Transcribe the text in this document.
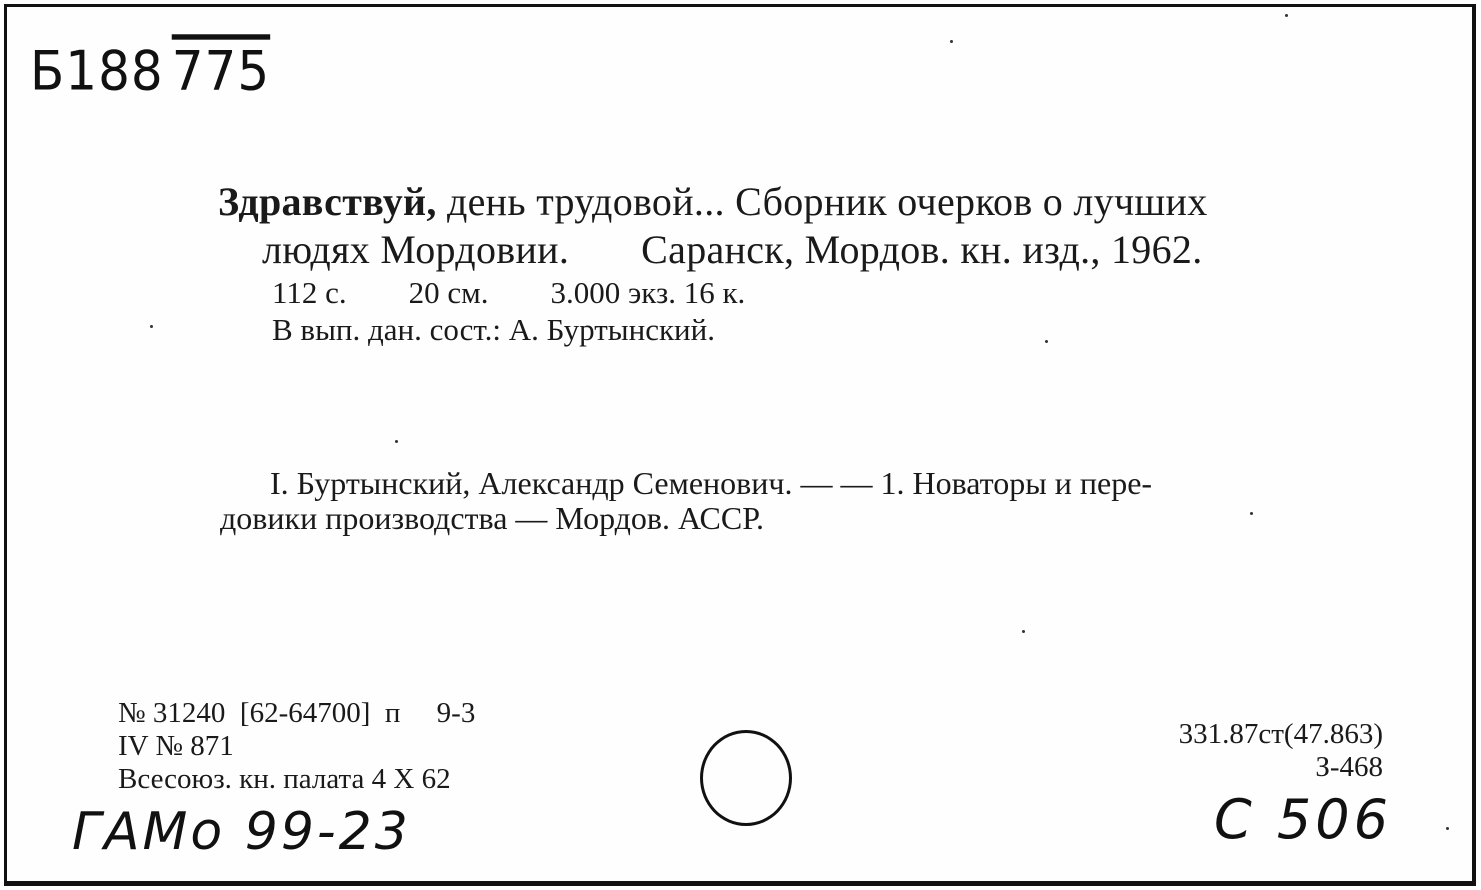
Б188 775
Здравствуй, день трудовой... Сборник очерков о лучших
людях Мордовии. Саранск, Мордов. кн. изд., 1962.
112 с. 20 см. 3.000 экз. 16 к.
В вып. дан. сост.: А. Буртынский.
I. Буртынский, Александр Семенович. — — 1. Новаторы и пере-
довики производства — Мордов. АССР.
№ 31240  [62-64700]  п     9-3
IV № 871
Всесоюз. кн. палата 4 X 62
331.87ст(47.863)
З-468
ГАМо 99-23	С 506
